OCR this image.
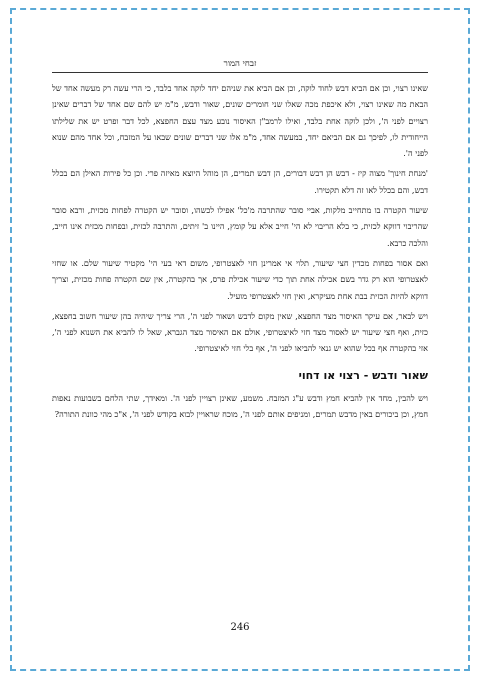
זבחי המור

שאינו רצוי, וכן אם הביא דבש לחוד לוקה, וכן אם הביא את שניהם יחד לוקה אחד בלבד, כי הרי עשה רק מעשה אחד של הבאת מה שאינו רצוי, ולא איכפת מכה שאלו שני חומרים שונים, שאור ודבש, מ"מ יש להם שם אחד של דברים שאינן רצויים לפני ה', ולכן לוקה אחת בלבד, ואילו לרמב"ן האיסור נובע מצד עצם החפצא, לכל דבר ופרט יש את שלילתו הייחודית לו, לפיכך גם אם הביאם יחד, במעשה אחד, מ"מ אלו שני דברים שונים שבאו על המזבח, וכל אחד מהם שנוא לפני ה'.

'מנחת חינוך' מצוה קיז - דבש הן דבש דבורים, הן דבש תמרים, הן מוהל היוצא מאיזה פרי. וכן כל פירות האילן הם בכלל דבש, והם בכלל לאו זה דלא תקטירו.

שיעור הקטרה בו מתחייב מלקות, אביי סובר שהתרבה מ'כל' אפילו לכשהו, וסובר יש הקטרה לפחות מכזית, ורבא סובר שהריבוי דווקא לכזית, כי בלא הריבוי לא הי' חייב אלא על קומץ, היינו ב' זיתים, והתרבה לכזית, ובפחות מכזית אינו חייב, והלכה כרבא.

ואם אסור בפחות מכדין חצי שיעור, תלוי אי אמרינן חזי לאצטרופי, משום דאי בעי הי' מקטיר שיעור שלם. או שחזי לאצטרופי הוא רק גדר בשם אכילה אחת תוך כדי שיעור אכילת פרס, אך בהקטרה, אין שם הקטרה פחות מכזית, וצריך דווקא להיות הכזית בבת אחת מעיקרא, ואין חזי לאצטרופי מועיל.

ויש לבאר, אם עיקר האיסור מצד החפצא, שאין מקום לדבש ושאור לפני ה', הרי צריך שיהיה בהן שיעור חשוב בחפצא, כזית, ואף חצי שיעור יש לאסור מצד חזי לאיצטרופי, אולם אם האיסור מצד הגברא, שאל לו להביא את השנוא לפני ה', אזי בהקטרה אף בכל שהוא יש גנאי להביאו לפני ה', אף בלי חזי לאיצטרופי.

שאור ודבש - רצוי או דחוי

ויש להבין, מחד אין להביא חמץ ודבש ע"ג המזבח. משמע, שאינן רצויין לפני ה'. ומאידך, שתי הלחם בשבועות נאפות חמץ, וכן ביכורים באין מדבש תמרים, ומניפים אותם לפני ה', מוכח שראויין לבוא בקודש לפני ה', א"כ מהי כוונת התורה?

246
